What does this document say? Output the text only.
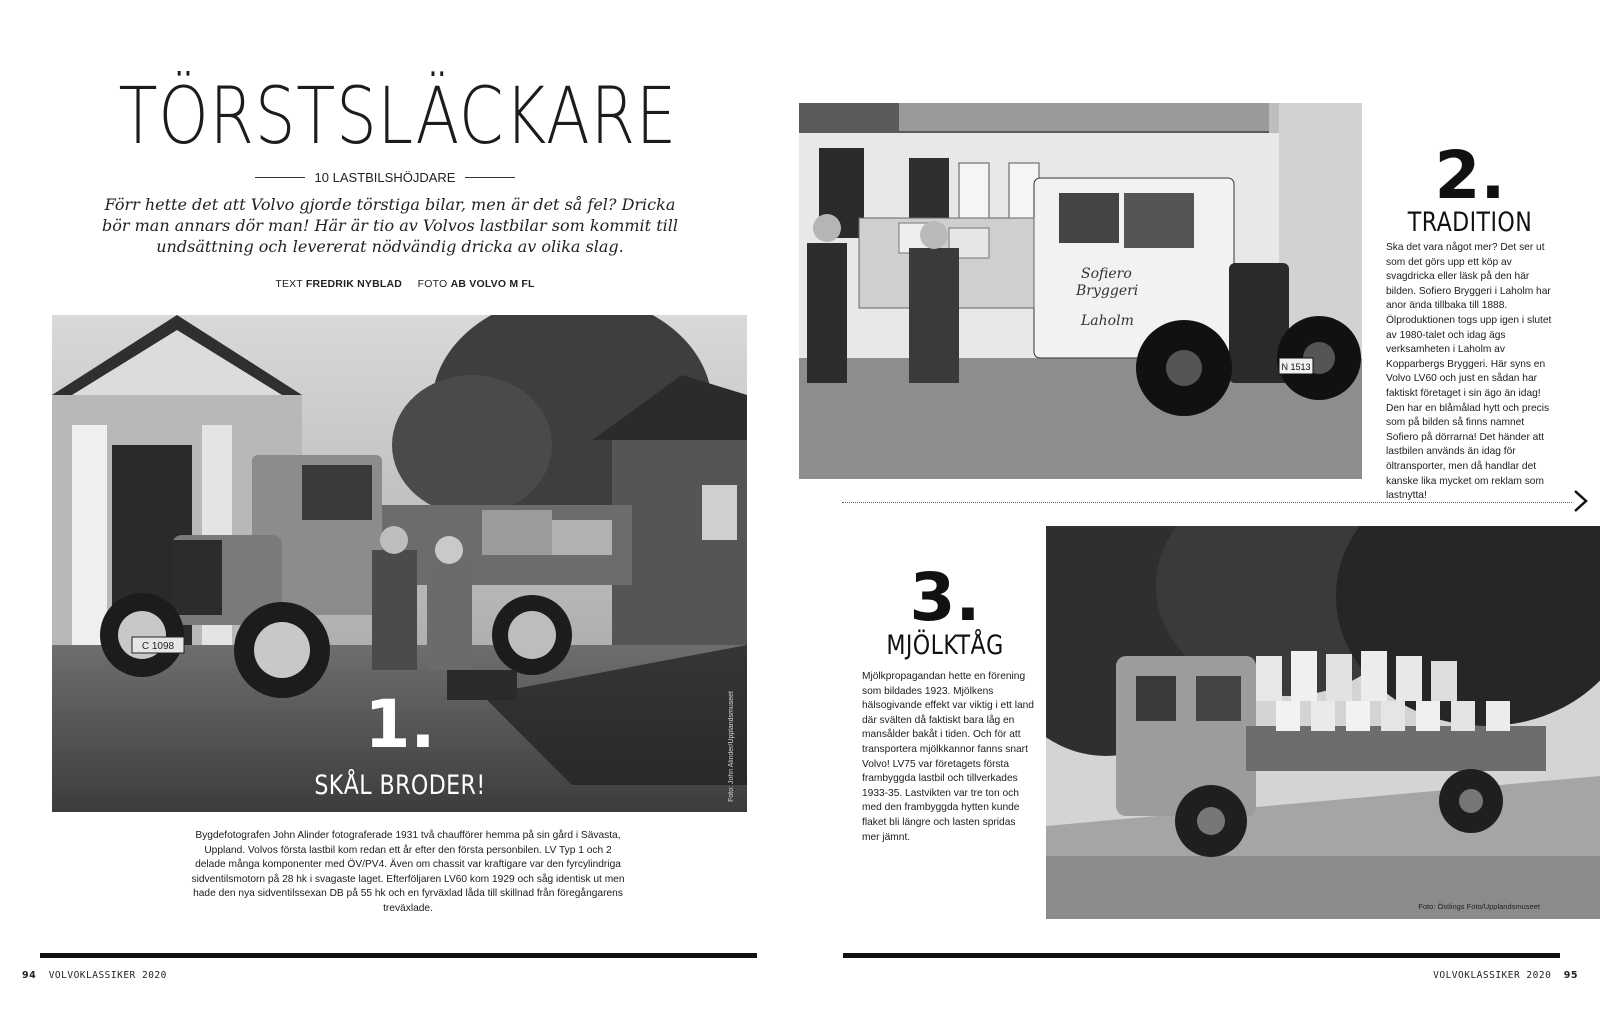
TÖRSTSLÄCKARE
10 LASTBILSHÖJDARE
Förr hette det att Volvo gjorde törstiga bilar, men är det så fel? Dricka bör man annars dör man! Här är tio av Volvos lastbilar som kommit till undsättning och levererat nödvändig dricka av olika slag.
TEXT FREDRIK NYBLAD FOTO AB VOLVO M FL
C 1098
Foto: John Alinder/Upplandsmuseet
1.
SKÅL BRODER!
Bygdefotografen John Alinder fotograferade 1931 två chaufförer hemma på sin gård i Sävasta, Uppland. Volvos första lastbil kom redan ett år efter den första personbilen. LV Typ 1 och 2 delade många komponenter med ÖV/PV4. Även om chassit var kraftigare var den fyrcylindriga sidventilsmotorn på 28 hk i svagaste laget. Efterföljaren LV60 kom 1929 och såg identisk ut men hade den nya sidventilssexan DB på 55 hk och en fyrväxlad låda till skillnad från föregångarens treväxlade.
Sofiero
Bryggeri
Laholm
N 1513
2.
TRADITION
Ska det vara något mer? Det ser ut som det görs upp ett köp av svagdricka eller läsk på den här bilden. Sofiero Bryggeri i Laholm har anor ända tillbaka till 1888. Ölproduktionen togs upp igen i slutet av 1980-talet och idag ägs verksamheten i Laholm av Kopparbergs Bryggeri. Här syns en Volvo LV60 och just en sådan har faktiskt företaget i sin ägo än idag! Den har en blåmålad hytt och precis som på bilden så finns namnet Sofiero på dörrarna! Det händer att lastbilen används än idag för öltransporter, men då handlar det kanske lika mycket om reklam som lastnytta!
Foto: Östlings Foto/Upplandsmuseet
3.
MJÖLKTÅG
Mjölkpropagandan hette en förening som bildades 1923. Mjölkens hälsogivande effekt var viktig i ett land där svälten då faktiskt bara låg en mansålder bakåt i tiden. Och för att transportera mjölkkannor fanns snart Volvo! LV75 var företagets första frambyggda lastbil och tillverkades 1933-35. Lastvikten var tre ton och med den frambyggda hytten kunde flaket bli längre och lasten spridas mer jämnt.
94 VOLVOKLASSIKER 2020	VOLVOKLASSIKER 2020 95
